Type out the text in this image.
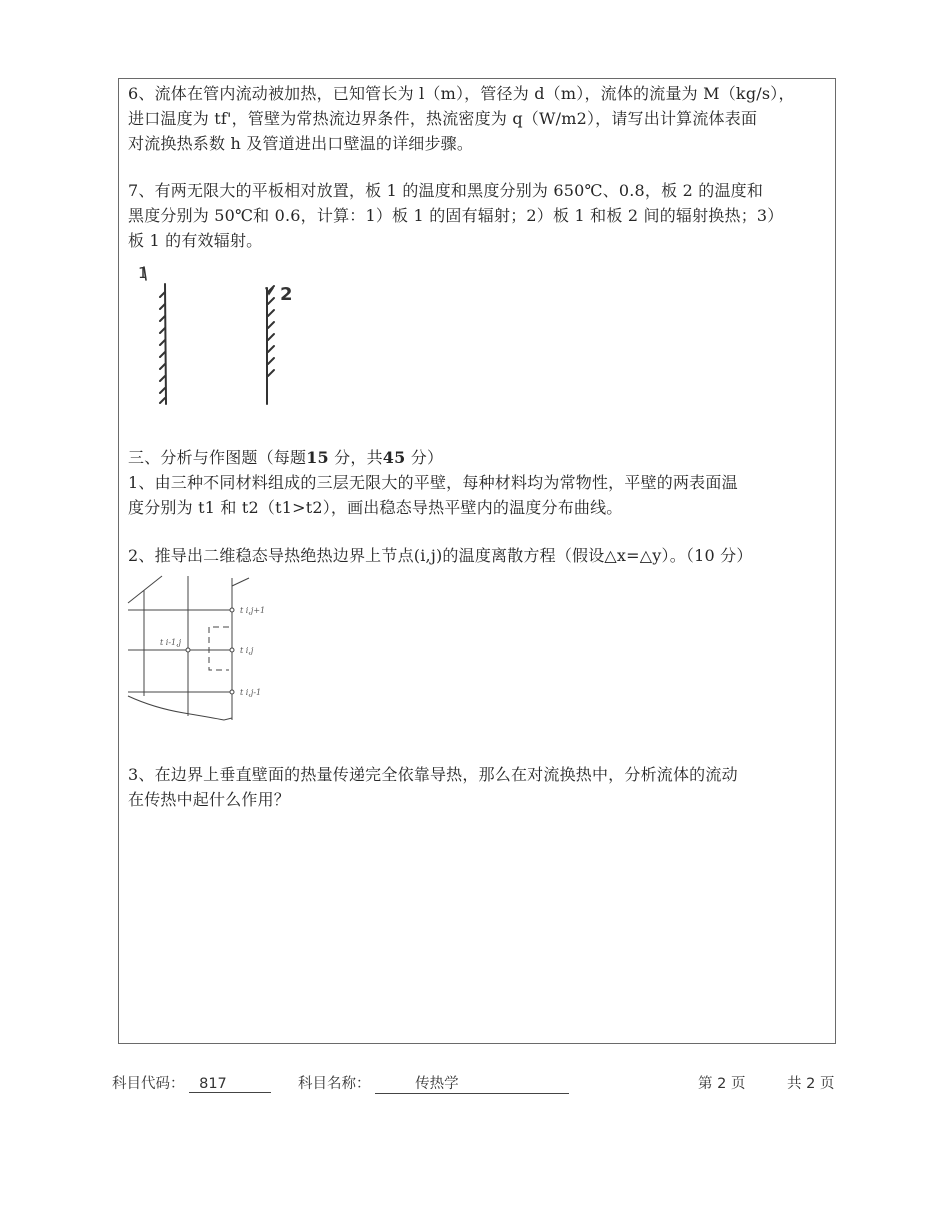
6、流体在管内流动被加热，已知管长为 l（m），管径为 d（m），流体的流量为 M（kg/s），

进口温度为 tf'，管壁为常热流边界条件，热流密度为 q（W/m2），请写出计算流体表面

对流换热系数 h 及管道进出口壁温的详细步骤。

7、有两无限大的平板相对放置，板 1 的温度和黑度分别为 650℃、0.8，板 2 的温度和

黑度分别为 50℃和 0.6，计算：1）板 1 的固有辐射；2）板 1 和板 2 间的辐射换热；3）

板 1 的有效辐射。

1
2

三、分析与作图题（每题15 分，共45 分）

1、由三种不同材料组成的三层无限大的平壁，每种材料均为常物性，平壁的两表面温

度分别为 t1 和 t2（t1>t2），画出稳态导热平壁内的温度分布曲线。

2、推导出二维稳态导热绝热边界上节点(i,j)的温度离散方程（假设△x=△y）。（10 分）

t i,j+1
t i,j
t i-1,j
t i,j-1

3、在边界上垂直壁面的热量传递完全依靠导热，那么在对流换热中，分析流体的流动

在传热中起什么作用？

科目代码： 817	科目名称：	传热学	第 2 页	共 2 页
